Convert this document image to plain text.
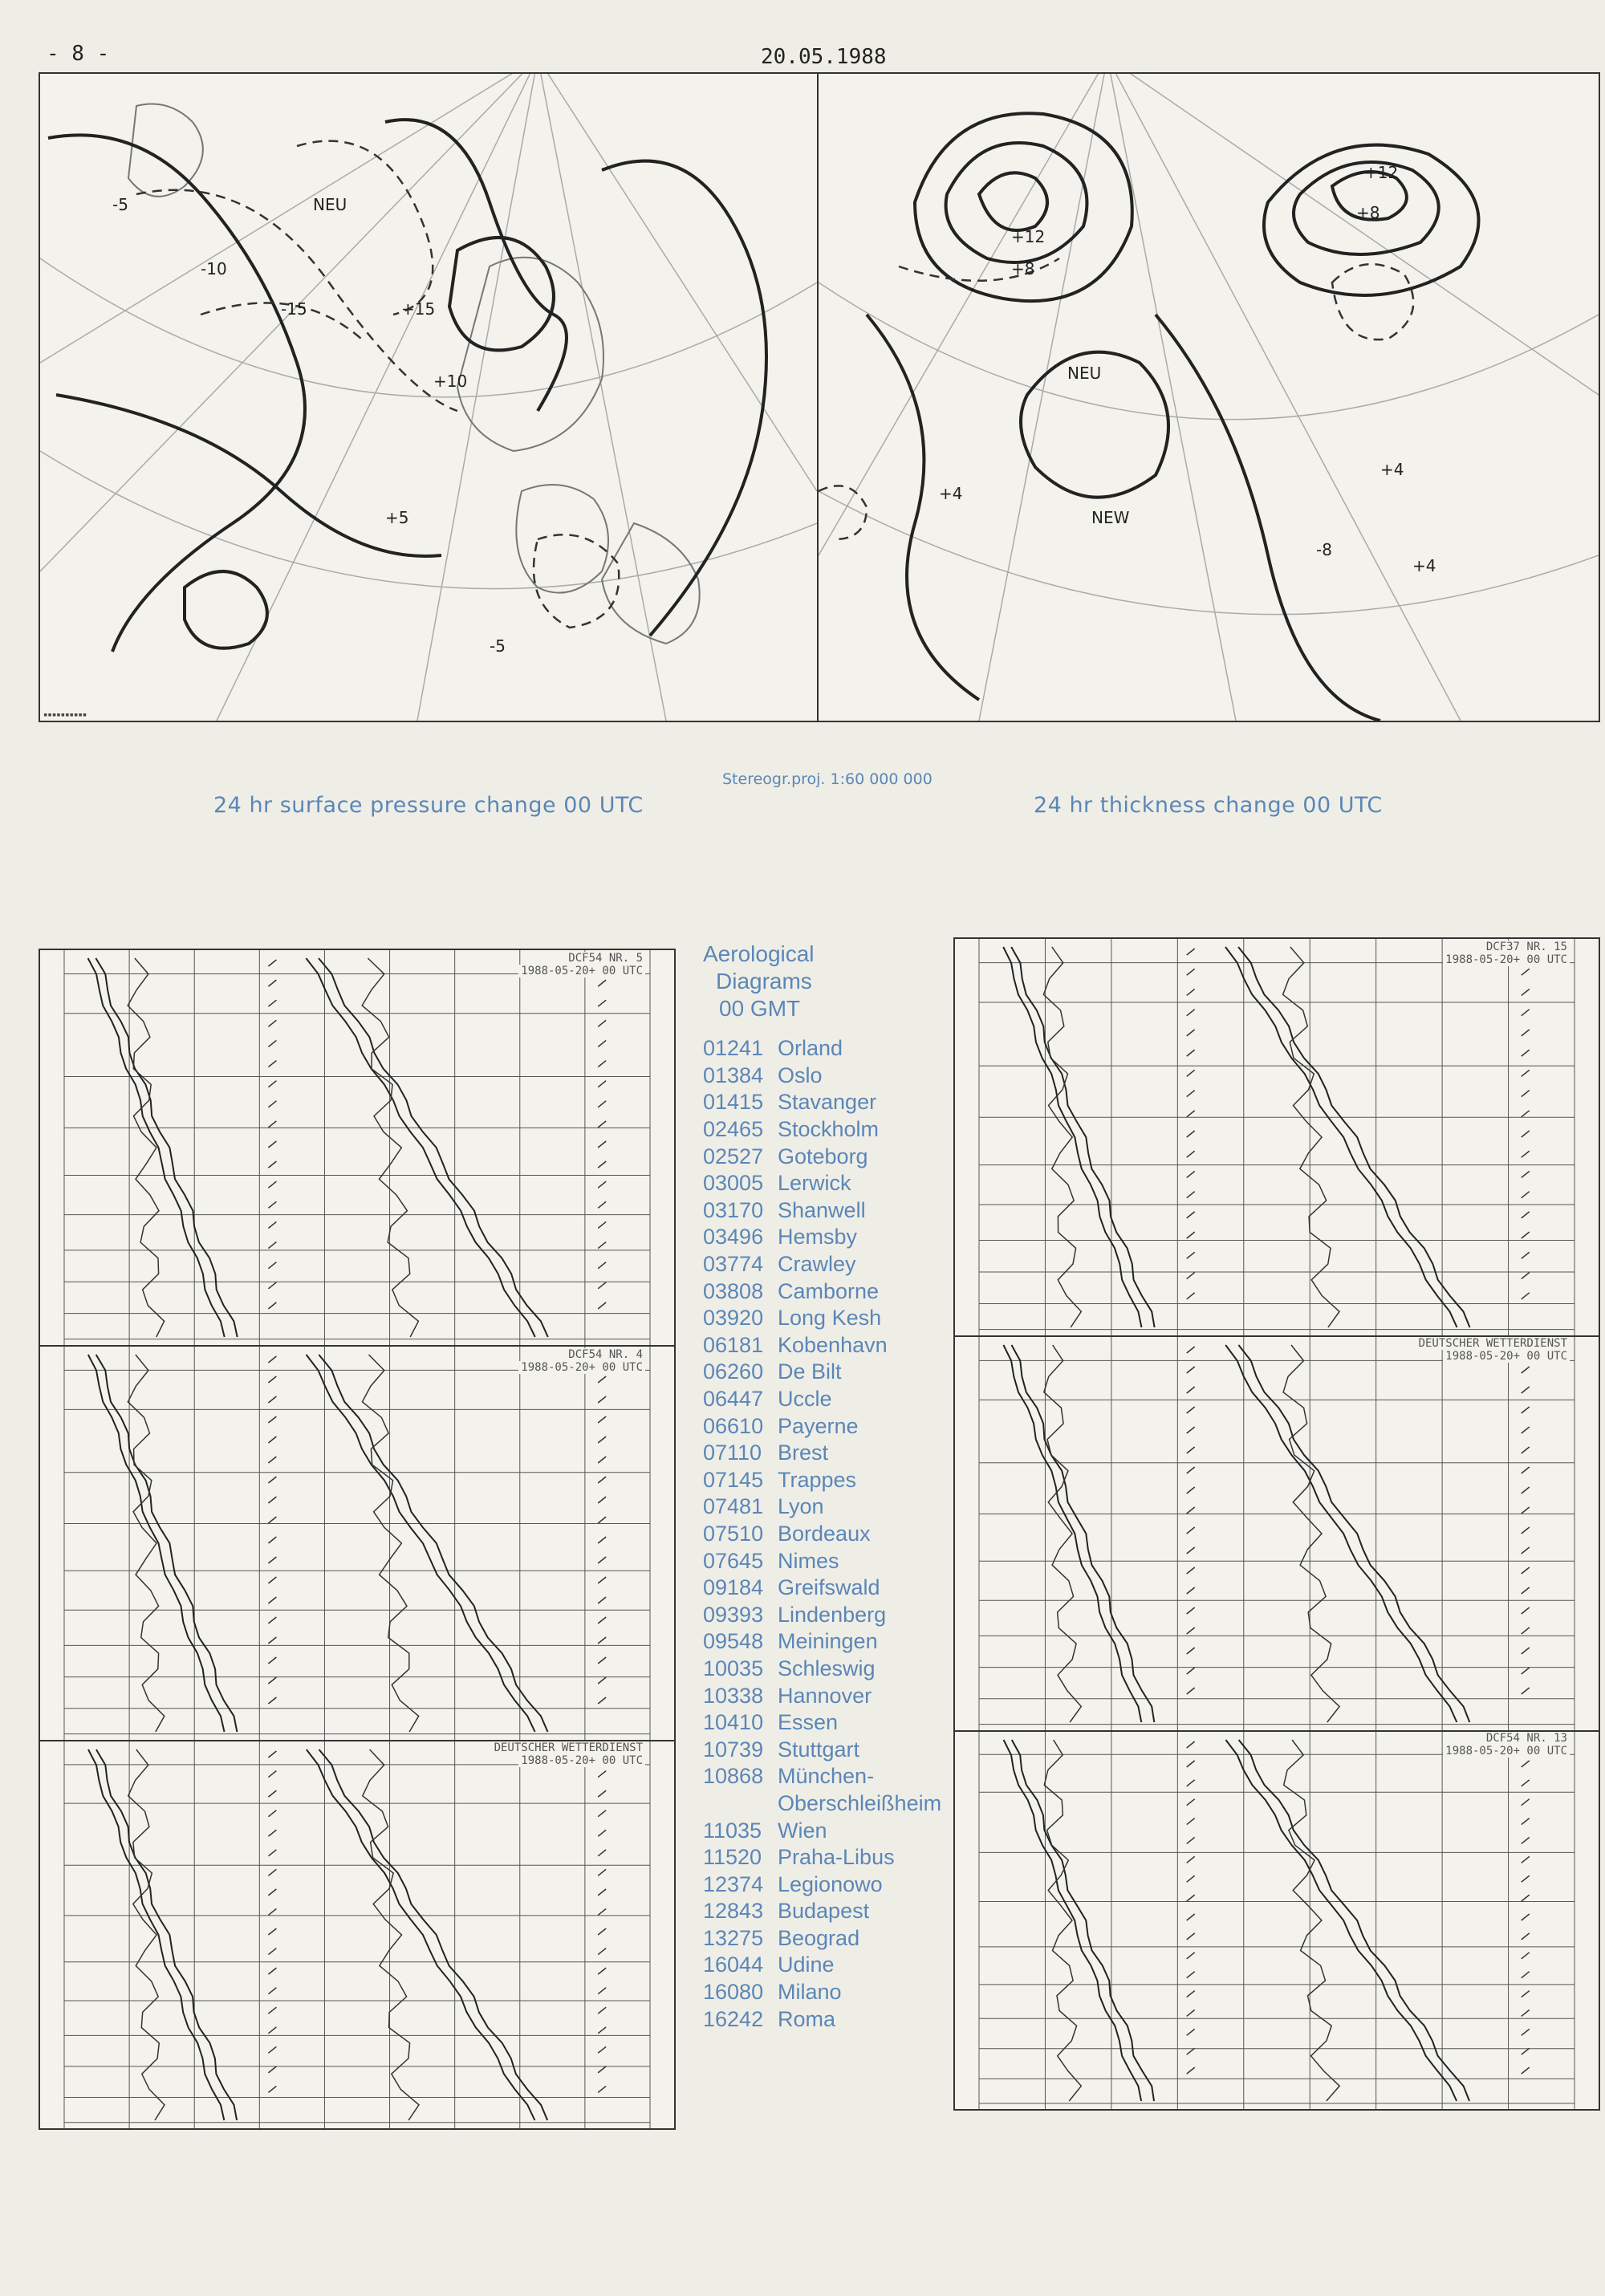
- 8 -	20.05.1988
+15
+10
-5
-15
-10
NEU
+5
-5
▪▪▪▪▪▪▪▪▪▪
+12
+8
+12
+8
NEU
+4
+4
NEW
-8
+4
24 hr surface pressure change 00 UTC
Stereogr.proj. 1:60 000 000
24 hr thickness change 00 UTC
DCF54 NR. 5
1988-05-20+ 00 UTC
DCF54 NR. 4
1988-05-20+ 00 UTC
DEUTSCHER WETTERDIENST
1988-05-20+ 00 UTC
DCF37 NR. 15
1988-05-20+ 00 UTC
DEUTSCHER WETTERDIENST
1988-05-20+ 00 UTC
DCF54 NR. 13
1988-05-20+ 00 UTC
Aerological
Diagrams
00 GMT
01241 Orland
01384 Oslo
01415 Stavanger
02465 Stockholm
02527 Goteborg
03005 Lerwick
03170 Shanwell
03496 Hemsby
03774 Crawley
03808 Camborne
03920 Long Kesh
06181 Kobenhavn
06260 De Bilt
06447 Uccle
06610 Payerne
07110 Brest
07145 Trappes
07481 Lyon
07510 Bordeaux
07645 Nimes
09184 Greifswald
09393 Lindenberg
09548 Meiningen
10035 Schleswig
10338 Hannover
10410 Essen
10739 Stuttgart
10868 München-
Oberschleißheim
11035 Wien
11520 Praha-Libus
12374 Legionowo
12843 Budapest
13275 Beograd
16044 Udine
16080 Milano
16242 Roma
